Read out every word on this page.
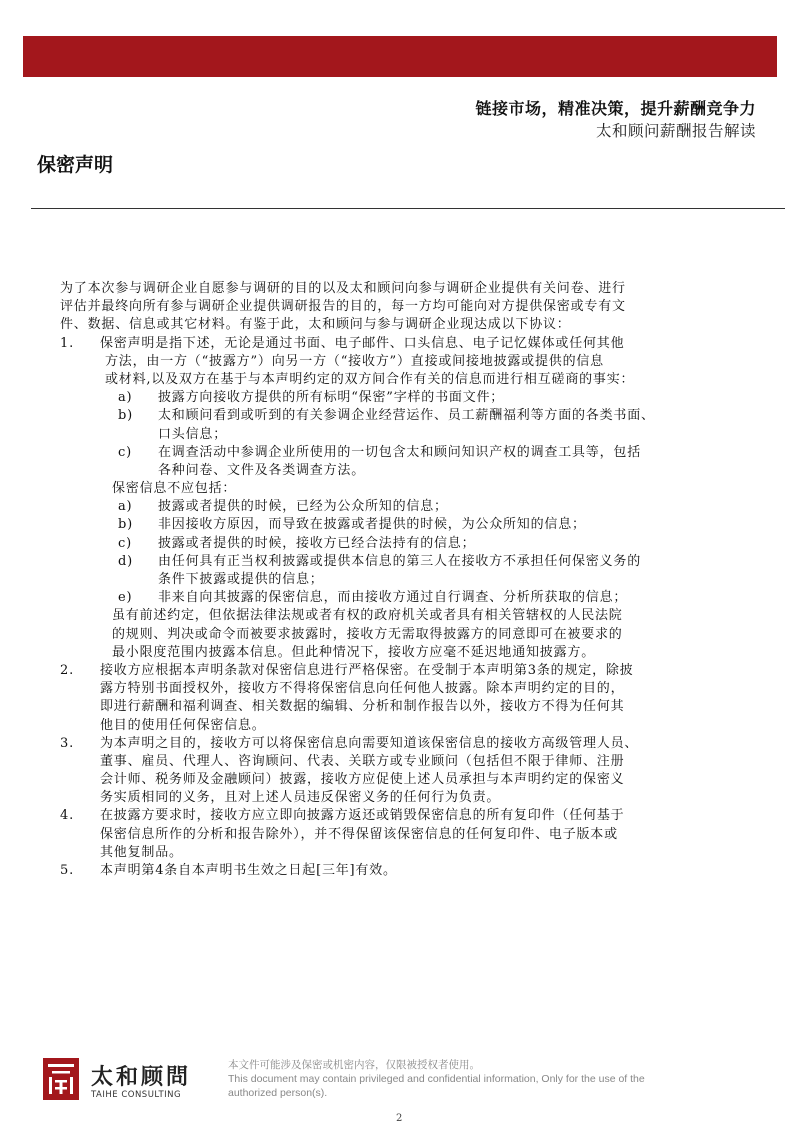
链接市场，精准决策，提升薪酬竞争力
太和顾问薪酬报告解读
保密声明
为了本次参与调研企业自愿参与调研的目的以及太和顾问向参与调研企业提供有关问卷、进行
评估并最终向所有参与调研企业提供调研报告的目的，每一方均可能向对方提供保密或专有文
件、数据、信息或其它材料。有鉴于此，太和顾问与参与调研企业现达成以下协议：
1. 保密声明是指下述，无论是通过书面、电子邮件、口头信息、电子记忆媒体或任何其他
方法，由一方（“披露方”）向另一方（“接收方”）直接或间接地披露或提供的信息
或材料,以及双方在基于与本声明约定的双方间合作有关的信息而进行相互磋商的事实：
a) 披露方向接收方提供的所有标明“保密”字样的书面文件；
b) 太和顾问看到或听到的有关参调企业经营运作、员工薪酬福利等方面的各类书面、
口头信息；
c) 在调查活动中参调企业所使用的一切包含太和顾问知识产权的调查工具等，包括
各种问卷、文件及各类调查方法。
保密信息不应包括：
a) 披露或者提供的时候，已经为公众所知的信息；
b) 非因接收方原因，而导致在披露或者提供的时候，为公众所知的信息；
c) 披露或者提供的时候，接收方已经合法持有的信息；
d) 由任何具有正当权利披露或提供本信息的第三人在接收方不承担任何保密义务的
条件下披露或提供的信息；
e) 非来自向其披露的保密信息，而由接收方通过自行调查、分析所获取的信息；
虽有前述约定，但依据法律法规或者有权的政府机关或者具有相关管辖权的人民法院
的规则、判决或命令而被要求披露时，接收方无需取得披露方的同意即可在被要求的
最小限度范围内披露本信息。但此种情况下，接收方应毫不延迟地通知披露方。
2. 接收方应根据本声明条款对保密信息进行严格保密。在受制于本声明第3条的规定，除披
露方特别书面授权外，接收方不得将保密信息向任何他人披露。除本声明约定的目的，
即进行薪酬和福利调查、相关数据的编辑、分析和制作报告以外，接收方不得为任何其
他目的使用任何保密信息。
3. 为本声明之目的，接收方可以将保密信息向需要知道该保密信息的接收方高级管理人员、
董事、雇员、代理人、咨询顾问、代表、关联方或专业顾问（包括但不限于律师、注册
会计师、税务师及金融顾问）披露，接收方应促使上述人员承担与本声明约定的保密义
务实质相同的义务，且对上述人员违反保密义务的任何行为负责。
4. 在披露方要求时，接收方应立即向披露方返还或销毁保密信息的所有复印件（任何基于
保密信息所作的分析和报告除外），并不得保留该保密信息的任何复印件、电子版本或
其他复制品。
5. 本声明第4条自本声明书生效之日起[三年]有效。
太和顾問
TAIHE CONSULTING
本文件可能涉及保密或机密内容，仅限被授权者使用。
This document may contain privileged and confidential information, Only for the use of the
authorized person(s).
2
